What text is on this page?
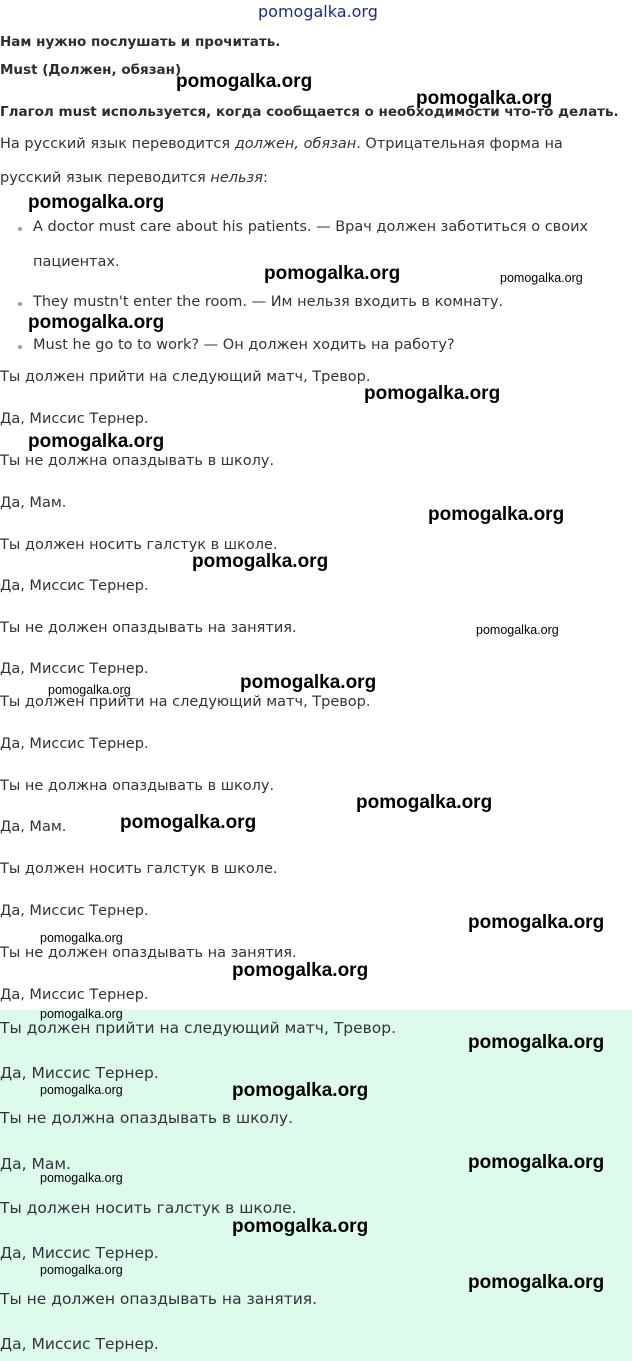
pomogalka.org
Нам нужно послушать и прочитать.
Must (Должен, обязан)
Глагол must используется, когда сообщается о необходимости что-то делать.
На русский язык переводится должен, обязан. Отрицательная форма на
русский язык переводится нельзя:
A doctor must care about his patients. — Врач должен заботиться о своих
пациентах.
They mustn't enter the room. — Им нельзя входить в комнату.
Must he go to to work? — Он должен ходить на работу?
Ты должен прийти на следующий матч, Тревор.
Да, Миссис Тернер.
Ты не должна опаздывать в школу.
Да, Мам.
Ты должен носить галстук в школе.
Да, Миссис Тернер.
Ты не должен опаздывать на занятия.
Да, Миссис Тернер.
Ты должен прийти на следующий матч, Тревор.
Да, Миссис Тернер.
Ты не должна опаздывать в школу.
Да, Мам.
Ты должен носить галстук в школе.
Да, Миссис Тернер.
Ты не должен опаздывать на занятия.
Да, Миссис Тернер.
Ты должен прийти на следующий матч, Тревор.
Да, Миссис Тернер.
Ты не должна опаздывать в школу.
Да, Мам.
Ты должен носить галстук в школе.
Да, Миссис Тернер.
Ты не должен опаздывать на занятия.
Да, Миссис Тернер.
pomogalka.org
pomogalka.org
pomogalka.org
pomogalka.org	pomogalka.org
pomogalka.org
pomogalka.org
pomogalka.org
pomogalka.org
pomogalka.org
pomogalka.org
pomogalka.org
pomogalka.org
pomogalka.org
pomogalka.org
pomogalka.org
pomogalka.org
pomogalka.org
pomogalka.org
pomogalka.org
pomogalka.org	pomogalka.org
pomogalka.org
pomogalka.org
pomogalka.org
pomogalka.org
pomogalka.org
